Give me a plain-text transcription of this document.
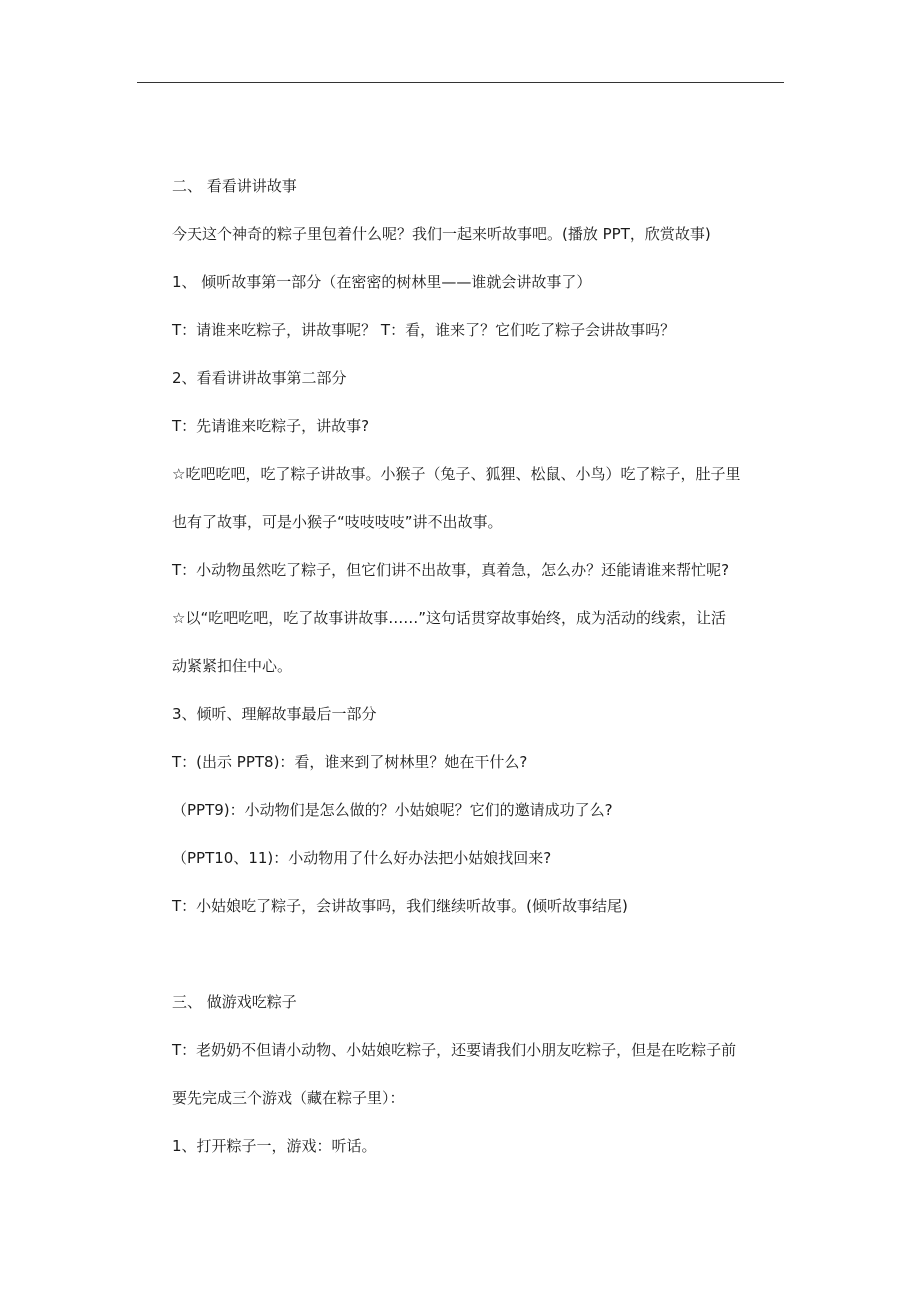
二、 看看讲讲故事
今天这个神奇的粽子里包着什么呢？我们一起来听故事吧。(播放 PPT，欣赏故事)
1、 倾听故事第一部分（在密密的树林里——谁就会讲故事了）
T：请谁来吃粽子，讲故事呢？ T：看，谁来了？它们吃了粽子会讲故事吗？
2、看看讲讲故事第二部分
T：先请谁来吃粽子，讲故事?
☆吃吧吃吧，吃了粽子讲故事。小猴子（兔子、狐狸、松鼠、小鸟）吃了粽子，肚子里
也有了故事，可是小猴子“吱吱吱吱”讲不出故事。
T：小动物虽然吃了粽子，但它们讲不出故事，真着急，怎么办？还能请谁来帮忙呢?
☆以“吃吧吃吧，吃了故事讲故事……”这句话贯穿故事始终，成为活动的线索，让活
动紧紧扣住中心。
3、倾听、理解故事最后一部分
T：(出示 PPT8)：看，谁来到了树林里？她在干什么?
（PPT9)：小动物们是怎么做的？小姑娘呢？它们的邀请成功了么?
（PPT10、11)：小动物用了什么好办法把小姑娘找回来?
T：小姑娘吃了粽子，会讲故事吗，我们继续听故事。(倾听故事结尾)
三、 做游戏吃粽子
T：老奶奶不但请小动物、小姑娘吃粽子，还要请我们小朋友吃粽子，但是在吃粽子前
要先完成三个游戏（藏在粽子里）：
1、打开粽子一，游戏：听话。
